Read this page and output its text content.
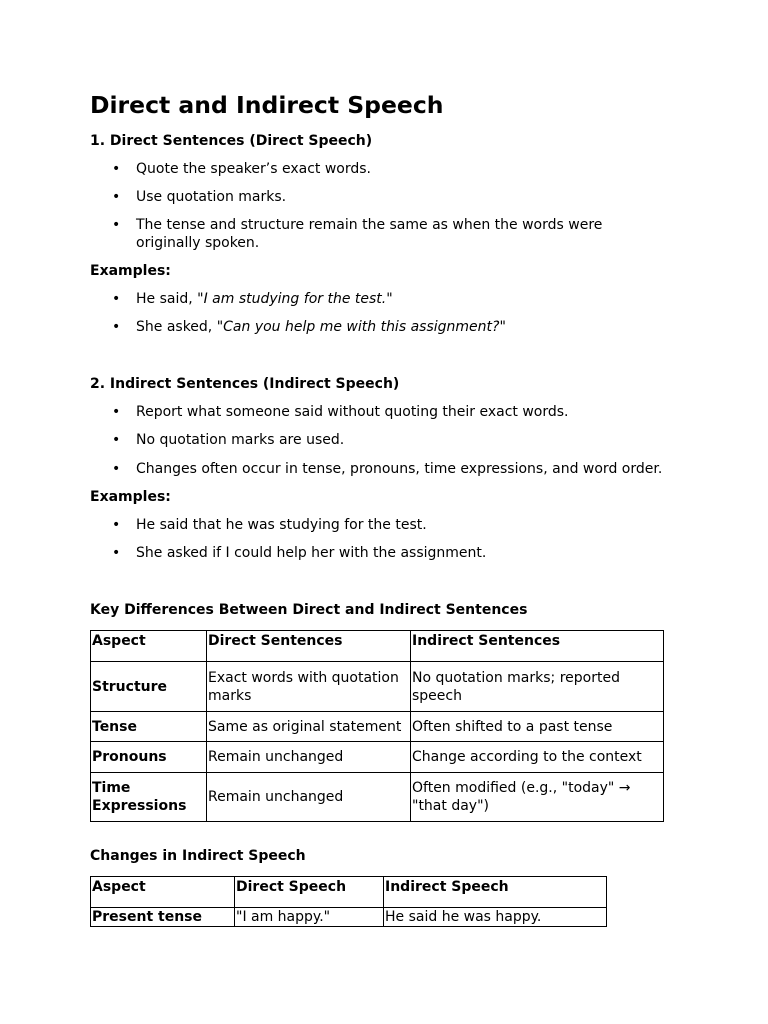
Direct and Indirect Speech
1. Direct Sentences (Direct Speech)
• Quote the speaker’s exact words.
• Use quotation marks.
• The tense and structure remain the same as when the words were originally spoken.
Examples:
• He said, "I am studying for the test."
• She asked, "Can you help me with this assignment?"
2. Indirect Sentences (Indirect Speech)
• Report what someone said without quoting their exact words.
• No quotation marks are used.
• Changes often occur in tense, pronouns, time expressions, and word order.
Examples:
• He said that he was studying for the test.
• She asked if I could help her with the assignment.
Key Differences Between Direct and Indirect Sentences
Aspect	Direct Sentences	Indirect Sentences
Structure	Exact words with quotation marks	No quotation marks; reported speech
Tense	Same as original statement	Often shifted to a past tense
Pronouns	Remain unchanged	Change according to the context
Time Expressions	Remain unchanged	Often modified (e.g., "today" → "that day")
Changes in Indirect Speech
Aspect	Direct Speech	Indirect Speech
Present tense	"I am happy."	He said he was happy.
